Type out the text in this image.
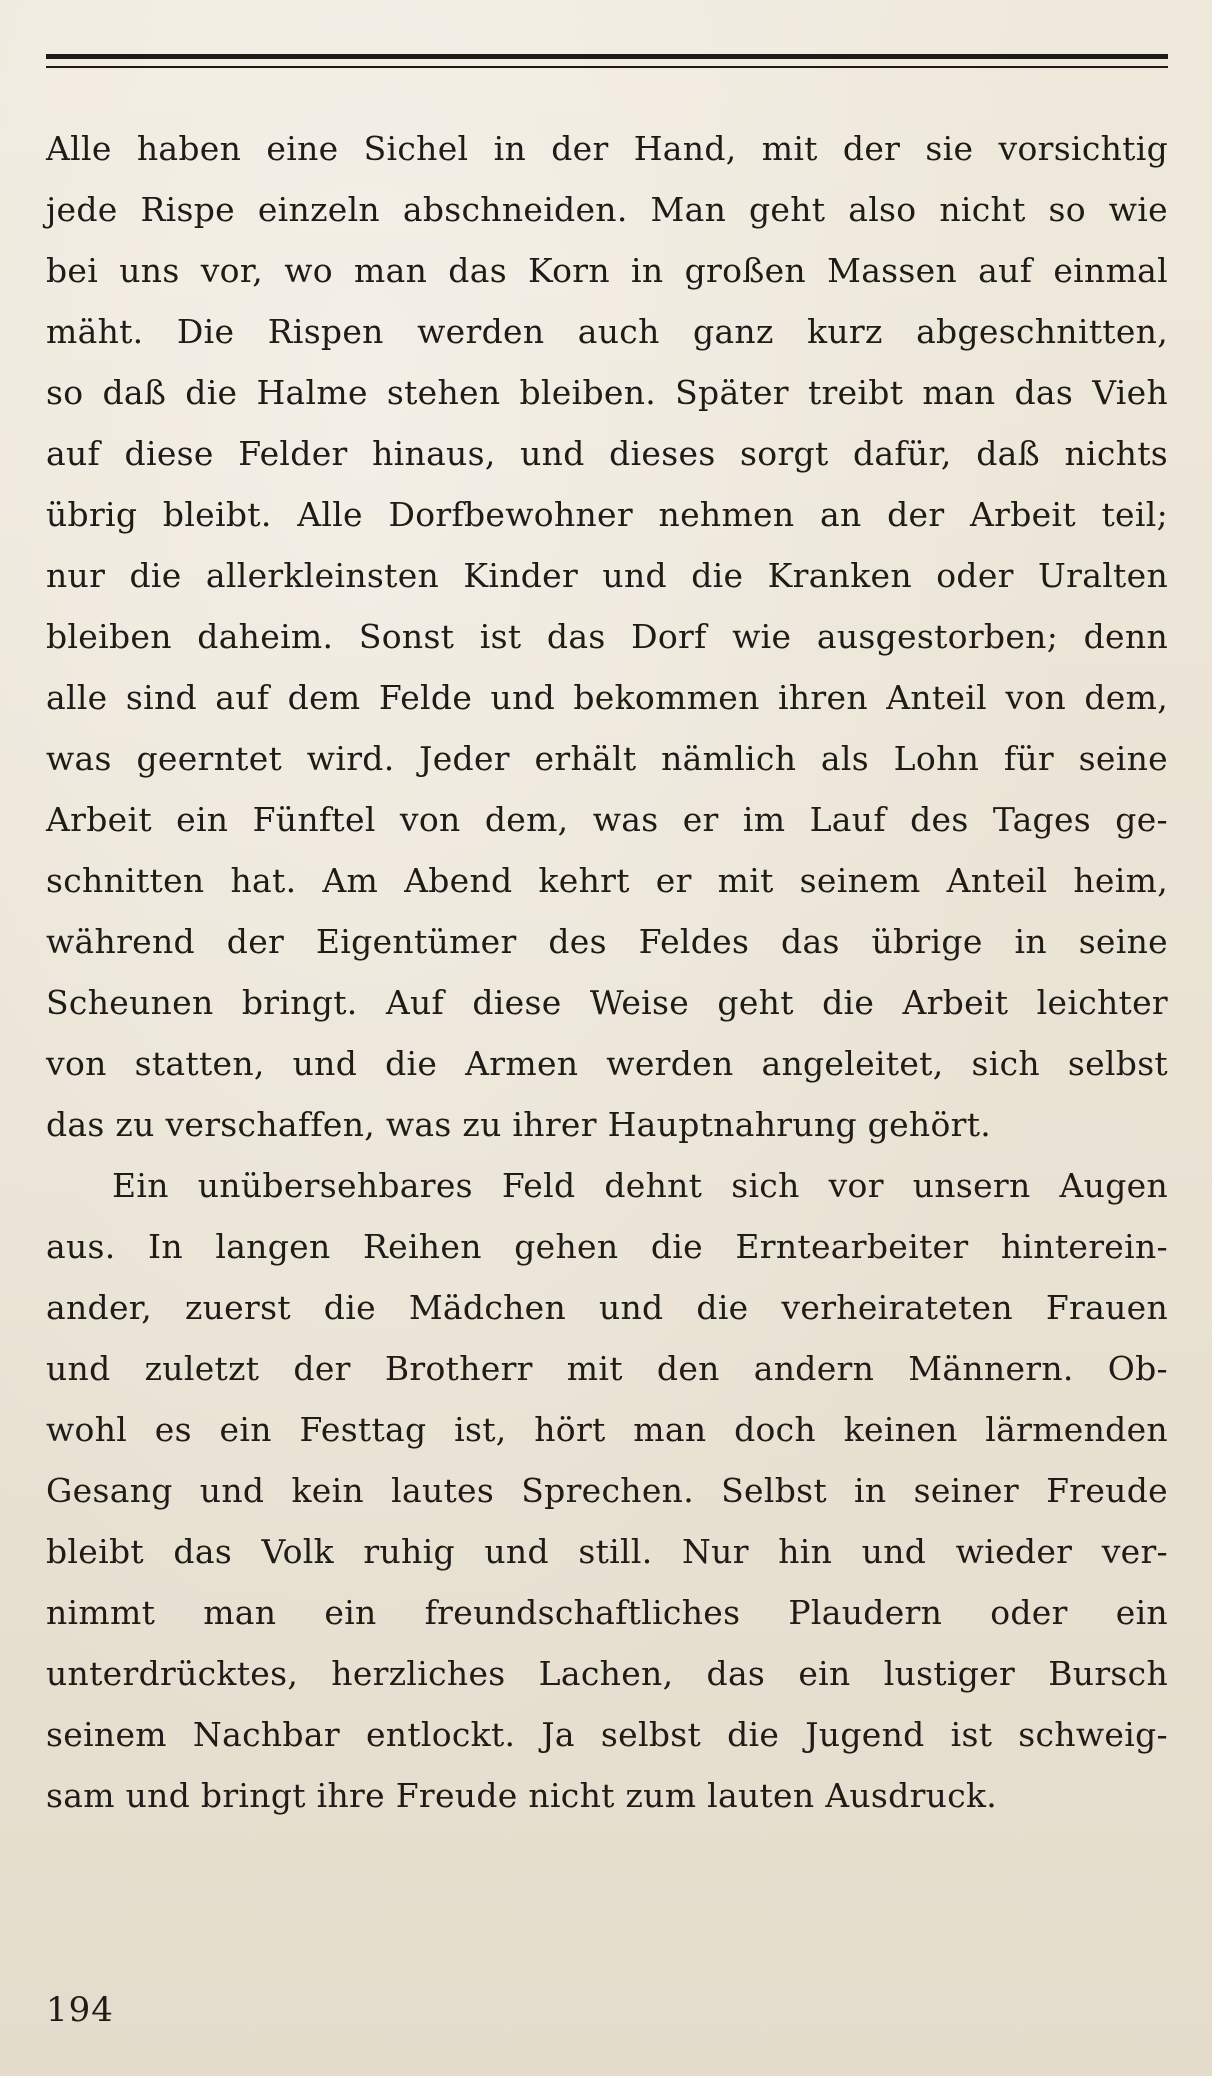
Alle haben eine Sichel in der Hand, mit der sie vorsichtig
jede Rispe einzeln abschneiden. Man geht also nicht so wie
bei uns vor, wo man das Korn in großen Massen auf einmal
mäht. Die Rispen werden auch ganz kurz abgeschnitten,
so daß die Halme stehen bleiben. Später treibt man das Vieh
auf diese Felder hinaus, und dieses sorgt dafür, daß nichts
übrig bleibt. Alle Dorfbewohner nehmen an der Arbeit teil;
nur die allerkleinsten Kinder und die Kranken oder Uralten
bleiben daheim. Sonst ist das Dorf wie ausgestorben; denn
alle sind auf dem Felde und bekommen ihren Anteil von dem,
was geerntet wird. Jeder erhält nämlich als Lohn für seine
Arbeit ein Fünftel von dem, was er im Lauf des Tages ge-
schnitten hat. Am Abend kehrt er mit seinem Anteil heim,
während der Eigentümer des Feldes das übrige in seine
Scheunen bringt. Auf diese Weise geht die Arbeit leichter
von statten, und die Armen werden angeleitet, sich selbst
das zu verschaffen, was zu ihrer Hauptnahrung gehört.
Ein unübersehbares Feld dehnt sich vor unsern Augen
aus. In langen Reihen gehen die Erntearbeiter hinterein-
ander, zuerst die Mädchen und die verheirateten Frauen
und zuletzt der Brotherr mit den andern Männern. Ob-
wohl es ein Festtag ist, hört man doch keinen lärmenden
Gesang und kein lautes Sprechen. Selbst in seiner Freude
bleibt das Volk ruhig und still. Nur hin und wieder ver-
nimmt man ein freundschaftliches Plaudern oder ein
unterdrücktes, herzliches Lachen, das ein lustiger Bursch
seinem Nachbar entlockt. Ja selbst die Jugend ist schweig-
sam und bringt ihre Freude nicht zum lauten Ausdruck.
194
